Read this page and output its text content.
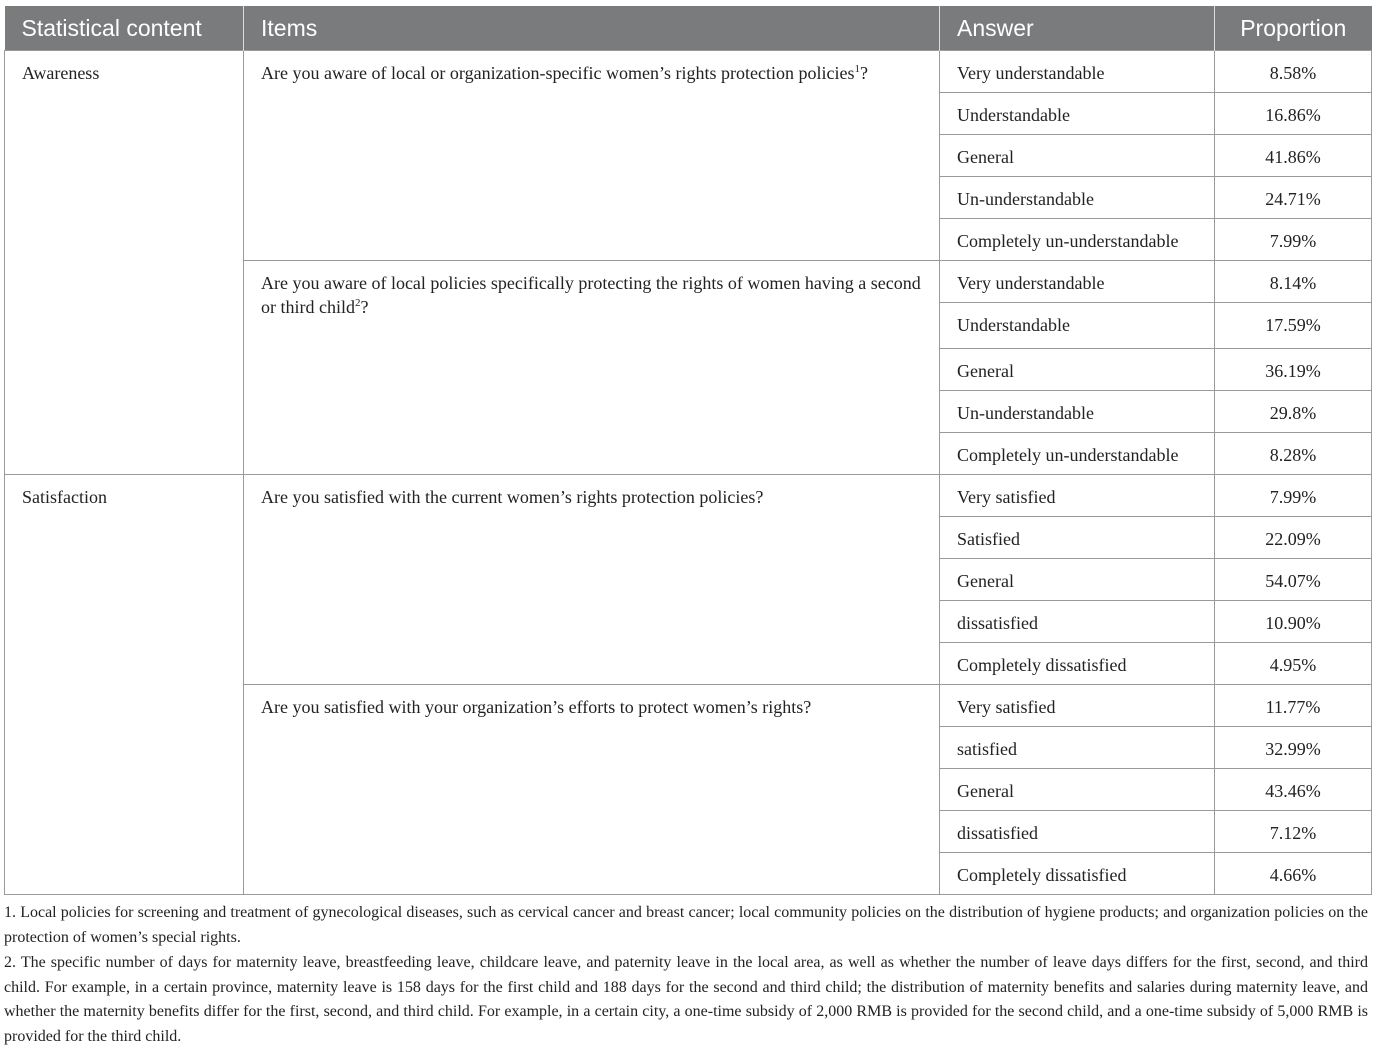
Statistical content	Items	Answer	Proportion
Awareness	Are you aware of local or organization-specific women’s rights protection policies$^1$?	Very understandable	8.58%
		Understandable	16.86%
		General	41.86%
		Un-understandable	24.71%
		Completely un-understandable	7.99%
	Are you aware of local policies specifically protecting the rights of women having a second or third child$^2$?	Very understandable	8.14%
		Understandable	17.59%
		General	36.19%
		Un-understandable	29.8%
		Completely un-understandable	8.28%
Satisfaction	Are you satisfied with the current women’s rights protection policies?	Very satisfied	7.99%
		Satisfied	22.09%
		General	54.07%
		dissatisfied	10.90%
		Completely dissatisfied	4.95%
	Are you satisfied with your organization’s efforts to protect women’s rights?	Very satisfied	11.77%
		satisfied	32.99%
		General	43.46%
		dissatisfied	7.12%
		Completely dissatisfied	4.66%

1. Local policies for screening and treatment of gynecological diseases, such as cervical cancer and breast cancer; local community policies on the distribution of hygiene products; and organization policies on the protection of women’s special rights.

2. The specific number of days for maternity leave, breastfeeding leave, childcare leave, and paternity leave in the local area, as well as whether the number of leave days differs for the first, second, and third child. For example, in a certain province, maternity leave is 158 days for the first child and 188 days for the second and third child; the distribution of maternity benefits and salaries during maternity leave, and whether the maternity benefits differ for the first, second, and third child. For example, in a certain city, a one-time subsidy of 2,000 RMB is provided for the second child, and a one-time subsidy of 5,000 RMB is provided for the third child.
